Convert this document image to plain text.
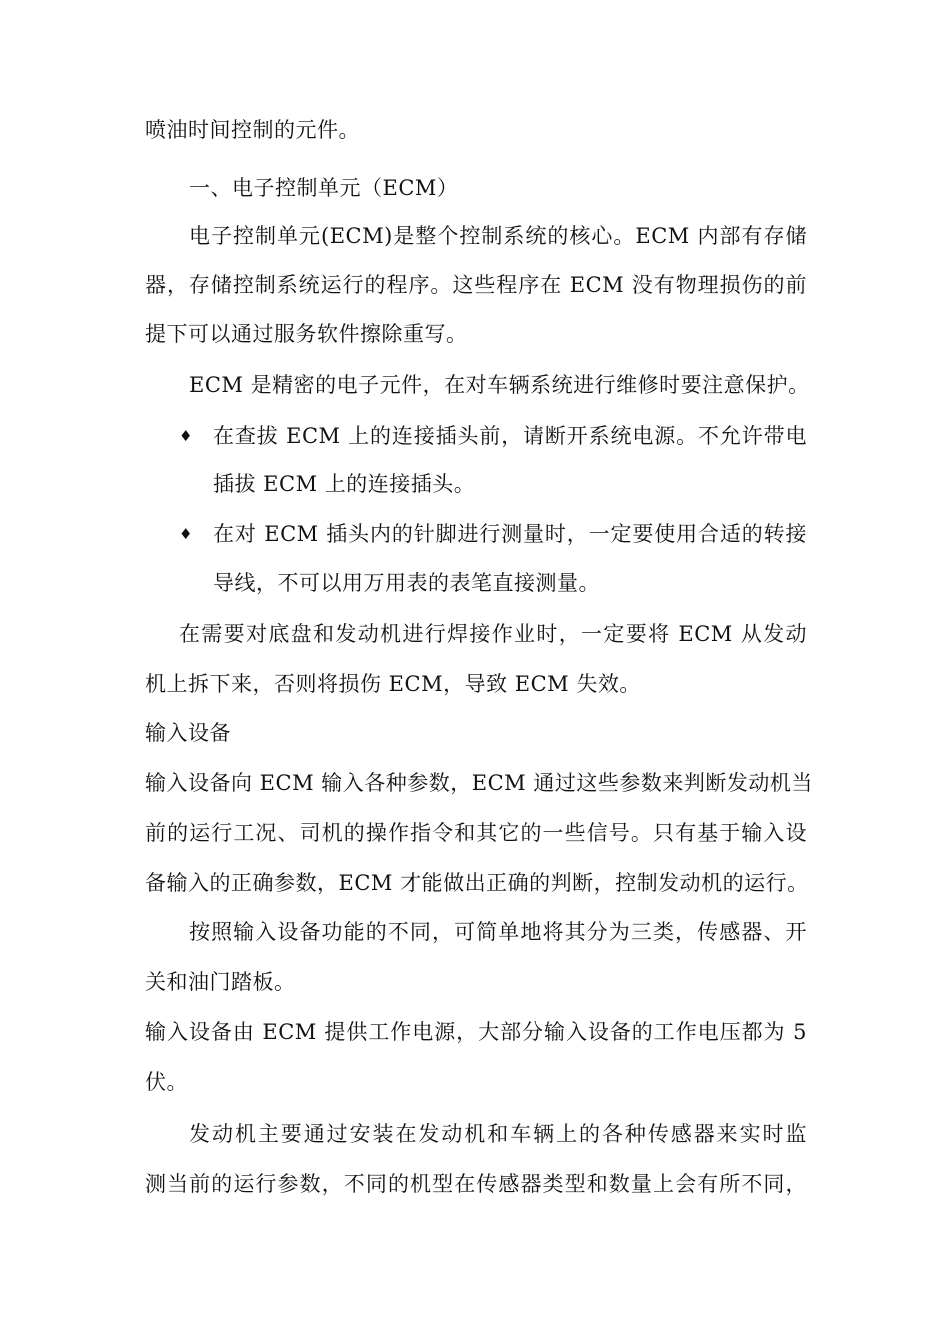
喷油时间控制的元件。
一、电子控制单元（ECM）
电子控制单元(ECM)是整个控制系统的核心。ECM 内部有存储
器，存储控制系统运行的程序。这些程序在 ECM 没有物理损伤的前
提下可以通过服务软件擦除重写。
ECM 是精密的电子元件，在对车辆系统进行维修时要注意保护。
♦ 在查拔 ECM 上的连接插头前，请断开系统电源。不允许带电
插拔 ECM 上的连接插头。
♦ 在对 ECM 插头内的针脚进行测量时，一定要使用合适的转接
导线，不可以用万用表的表笔直接测量。
在需要对底盘和发动机进行焊接作业时，一定要将 ECM 从发动
机上拆下来，否则将损伤 ECM，导致 ECM 失效。
输入设备
输入设备向 ECM 输入各种参数，ECM 通过这些参数来判断发动机当
前的运行工况、司机的操作指令和其它的一些信号。只有基于输入设
备输入的正确参数，ECM 才能做出正确的判断，控制发动机的运行。
按照输入设备功能的不同，可简单地将其分为三类，传感器、开
关和油门踏板。
输入设备由 ECM 提供工作电源，大部分输入设备的工作电压都为 5
伏。
发动机主要通过安装在发动机和车辆上的各种传感器来实时监
测当前的运行参数，不同的机型在传感器类型和数量上会有所不同，
